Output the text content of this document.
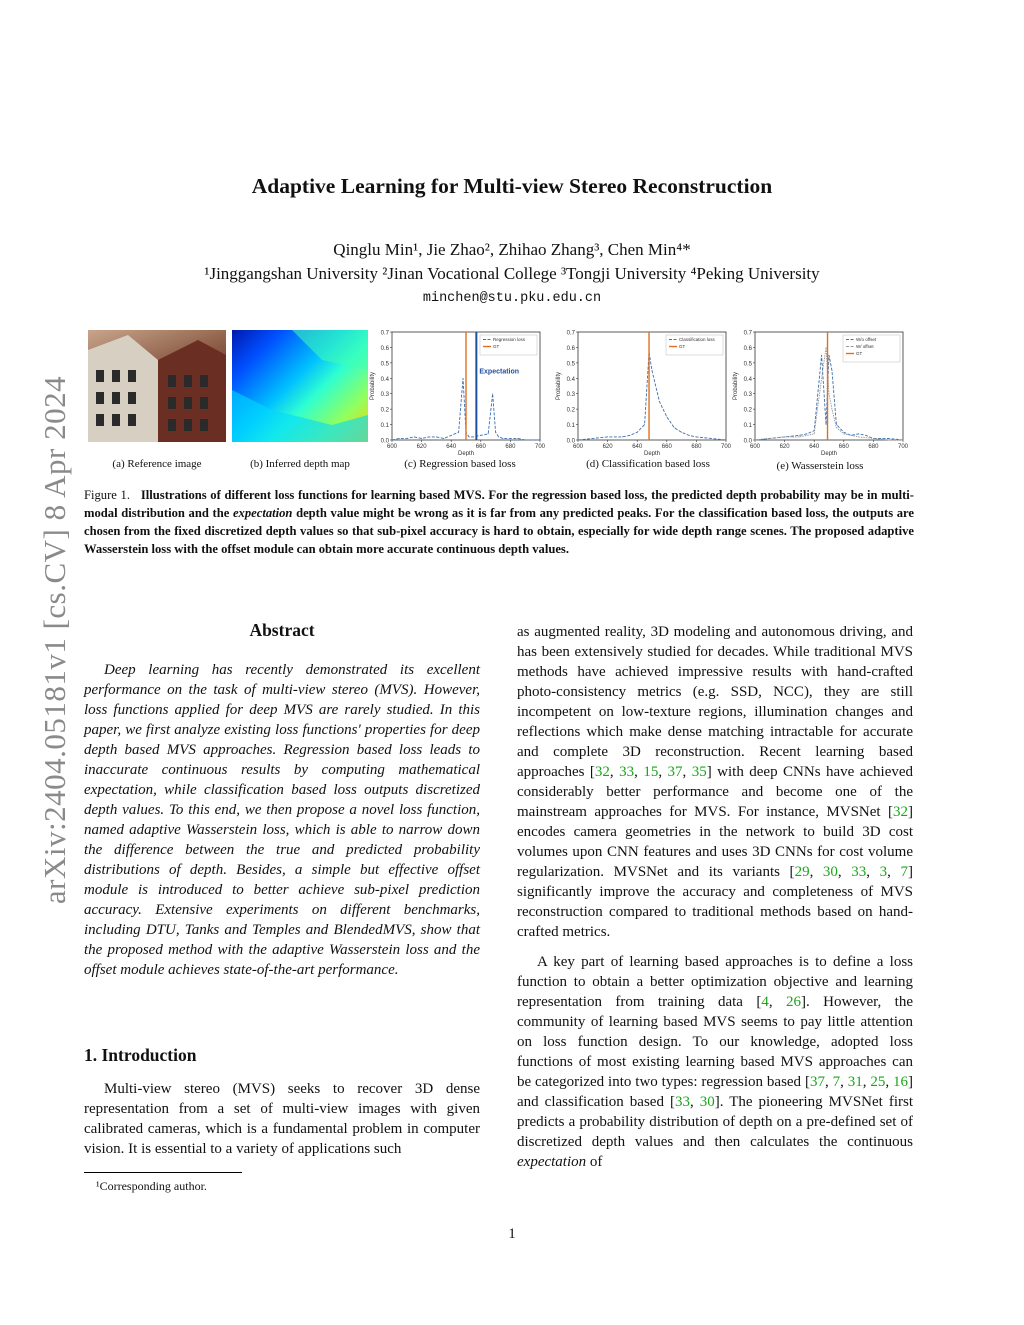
arXiv:2404.05181v1 [cs.CV] 8 Apr 2024
Adaptive Learning for Multi-view Stereo Reconstruction
Qinglu Min¹, Jie Zhao², Zhihao Zhang³, Chen Min⁴*
¹Jinggangshan University ²Jinan Vocational College ³Tongji University ⁴Peking University
minchen@stu.pku.edu.cn
(a) Reference image	(b) Inferred depth map	(c) Regression based loss	(d) Classification based loss	(e) Wasserstein loss
0.0
0.1
0.2
0.3
0.4
0.5
0.6
0.7
600	620	640	660	680	700
Depth
Probability	Expectation
Regression loss
GT
0.0
0.1
0.2
0.3
0.4
0.5
0.6
0.7
600	620	640	660	680	700
Depth
Probability
Classification loss
GT
0.0
0.1
0.2
0.3
0.4
0.5
0.6
0.7
600	620	640	660	680	700
Depth
Probability
W/o offset
W/ offset
GT
Figure 1. Illustrations of different loss functions for learning based MVS. For the regression based loss, the predicted depth probability may be in multi-modal distribution and the expectation depth value might be wrong as it is far from any predicted peaks. For the classification based loss, the outputs are chosen from the fixed discretized depth values so that sub-pixel accuracy is hard to obtain, especially for wide depth range scenes. The proposed adaptive Wasserstein loss with the offset module can obtain more accurate continuous depth values.
Abstract

Deep learning has recently demonstrated its excellent performance on the task of multi-view stereo (MVS). However, loss functions applied for deep MVS are rarely studied. In this paper, we first analyze existing loss functions' properties for deep depth based MVS approaches. Regression based loss leads to inaccurate continuous results by computing mathematical expectation, while classification based loss outputs discretized depth values. To this end, we then propose a novel loss function, named adaptive Wasserstein loss, which is able to narrow down the difference between the true and predicted probability distributions of depth. Besides, a simple but effective offset module is introduced to better achieve sub-pixel prediction accuracy. Extensive experiments on different benchmarks, including DTU, Tanks and Temples and BlendedMVS, show that the proposed method with the adaptive Wasserstein loss and the offset module achieves state-of-the-art performance.

1. Introduction

Multi-view stereo (MVS) seeks to recover 3D dense representation from a set of multi-view images with given calibrated cameras, which is a fundamental problem in computer vision. It is essential to a variety of applications such

¹Corresponding author.

as augmented reality, 3D modeling and autonomous driving, and has been extensively studied for decades. While traditional MVS methods have achieved impressive results with hand-crafted photo-consistency metrics (e.g. SSD, NCC), they are still incompetent on low-texture regions, illumination changes and reflections which make dense matching intractable for accurate and complete 3D reconstruction. Recent learning based approaches [32, 33, 15, 37, 35] with deep CNNs have achieved considerably better performance and become one of the mainstream approaches for MVS. For instance, MVSNet [32] encodes camera geometries in the network to build 3D cost volumes upon CNN features and uses 3D CNNs for cost volume regularization. MVSNet and its variants [29, 30, 33, 3, 7] significantly improve the accuracy and completeness of MVS reconstruction compared to traditional methods based on hand-crafted metrics.

A key part of learning based approaches is to define a loss function to obtain a better optimization objective and learning representation from training data [4, 26]. However, the community of learning based MVS seems to pay little attention on loss function design. To our knowledge, adopted loss functions of most existing learning based MVS approaches can be categorized into two types: regression based [37, 7, 31, 25, 16] and classification based [33, 30]. The pioneering MVSNet first predicts a probability distribution of depth on a pre-defined set of discretized depth values and then calculates the continuous expectation of

1
